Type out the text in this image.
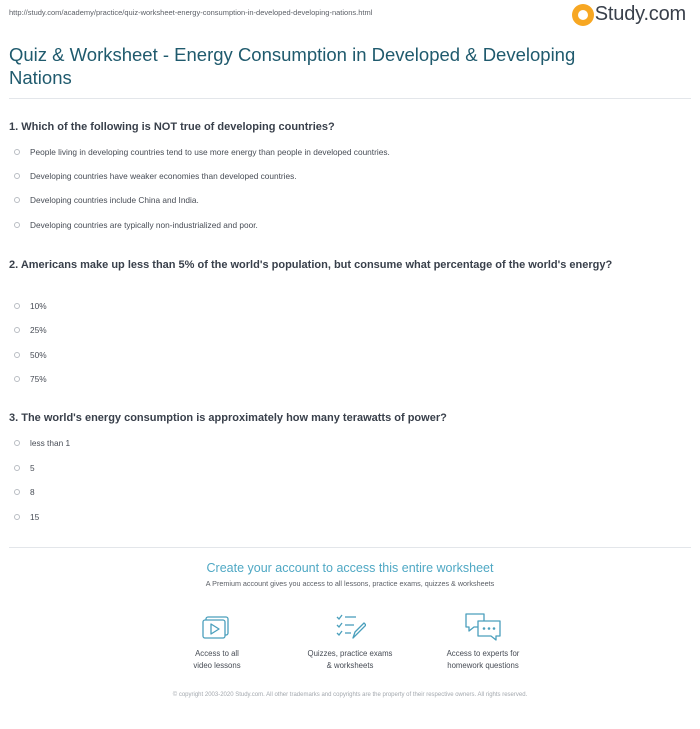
http://study.com/academy/practice/quiz-worksheet-energy-consumption-in-developed-developing-nations.html	Study.com
Quiz & Worksheet - Energy Consumption in Developed & Developing Nations
1. Which of the following is NOT true of developing countries?
People living in developing countries tend to use more energy than people in developed countries.
Developing countries have weaker economies than developed countries.
Developing countries include China and India.
Developing countries are typically non-industrialized and poor.
2. Americans make up less than 5% of the world's population, but consume what percentage of the world's energy?
10%
25%
50%
75%
3. The world's energy consumption is approximately how many terawatts of power?
less than 1
5
8
15
Create your account to access this entire worksheet
A Premium account gives you access to all lessons, practice exams, quizzes & worksheets
Access to all
video lessons
Quizzes, practice exams
& worksheets
Access to experts for
homework questions
© copyright 2003-2020 Study.com. All other trademarks and copyrights are the property of their respective owners. All rights reserved.
